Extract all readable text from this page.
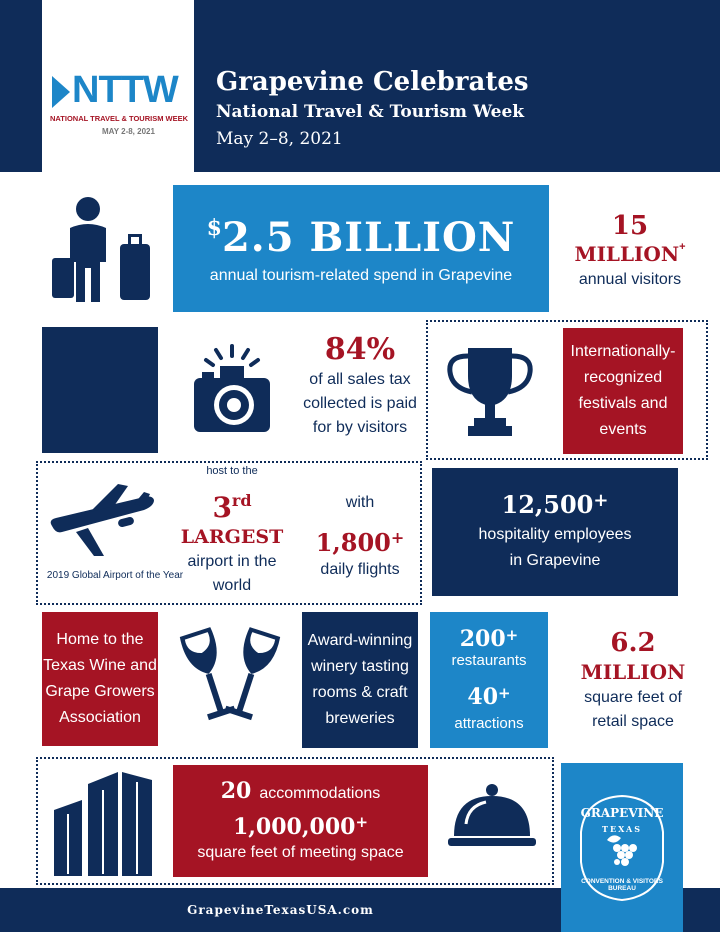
NTTW
NATIONAL TRAVEL & TOURISM WEEK
MAY 2-8, 2021
Grapevine Celebrates
National Travel & Tourism Week
May 2–8, 2021
$ 2.5 BILLION
annual tourism-related spend in Grapevine
15
MILLION +
annual visitors
84%
of all sales tax
collected is paid
for by visitors
Internationally-
recognized
festivals and
events
2019 Global Airport of the Year
host to the
3 rd
LARGEST
airport in the world
with
1,800 +
daily flights
12,500 +
hospitality employees
in Grapevine
Home to the
Texas Wine and
Grape Growers
Association
Award-winning
winery tasting
rooms & craft
breweries
200 +
restaurants
40 +
attractions
6.2
MILLION
square feet of
retail space
20 accommodations
1,000,000 +
square feet of meeting space
GRAPEVINE
TEXAS
CONVENTION & VISITORS BUREAU
GrapevineTexasUSA.com
